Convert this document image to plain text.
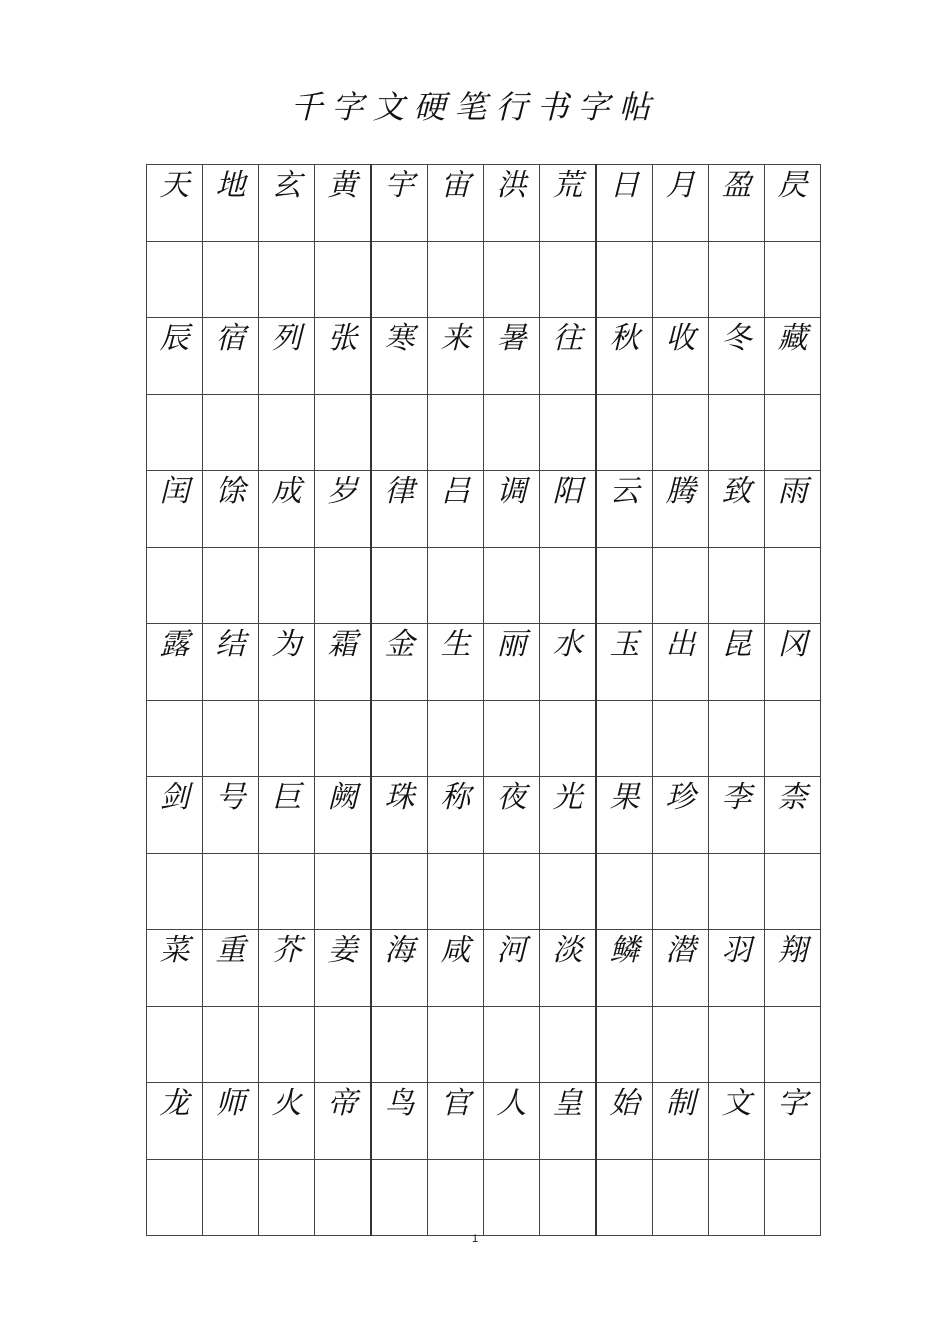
千字文硬笔行书字帖
天	地	玄	黄	宇	宙	洪	荒	日	月	盈	昃

辰	宿	列	张	寒	来	暑	往	秋	收	冬	藏

闰	馀	成	岁	律	吕	调	阳	云	腾	致	雨

露	结	为	霜	金	生	丽	水	玉	出	昆	冈

剑	号	巨	阙	珠	称	夜	光	果	珍	李	柰

菜	重	芥	姜	海	咸	河	淡	鳞	潜	羽	翔

龙	师	火	帝	鸟	官	人	皇	始	制	文	字

1
